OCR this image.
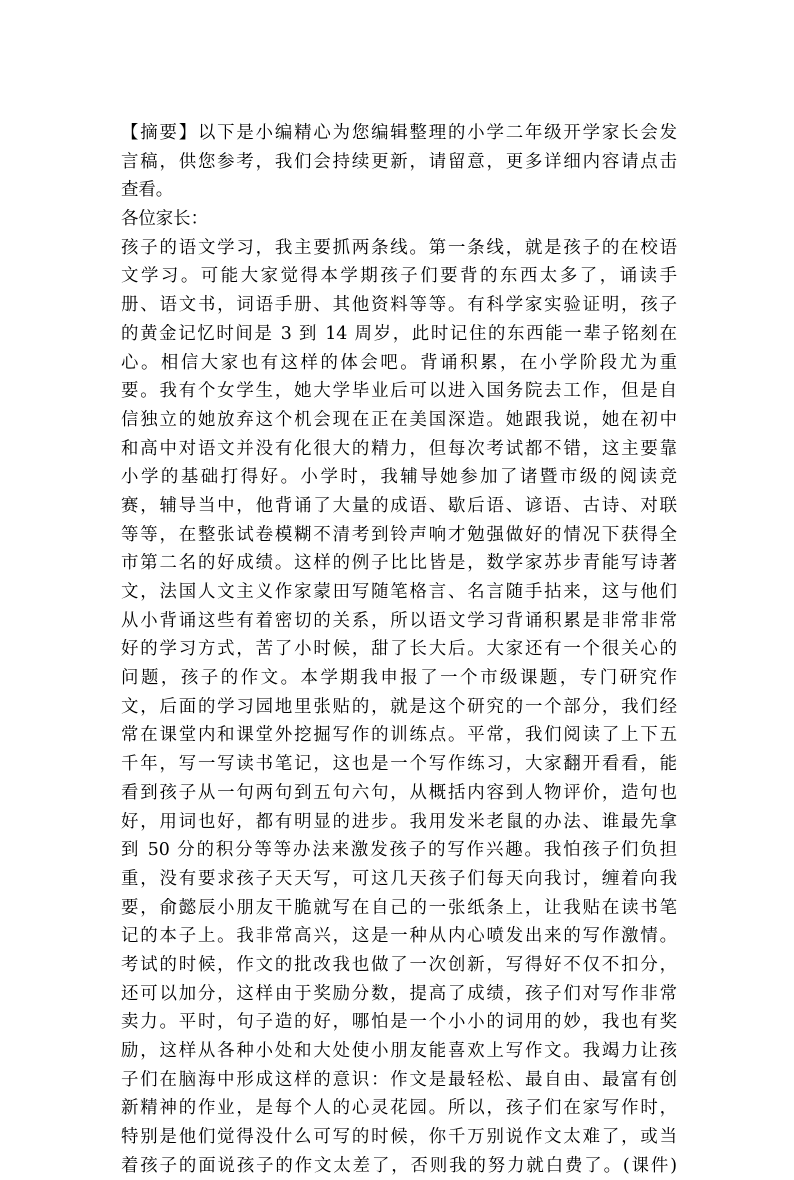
【摘要】以下是小编精心为您编辑整理的小学二年级开学家长会发
言稿，供您参考，我们会持续更新，请留意，更多详细内容请点击
查看。
各位家长：
孩子的语文学习，我主要抓两条线。第一条线，就是孩子的在校语
文学习。可能大家觉得本学期孩子们要背的东西太多了，诵读手
册、语文书，词语手册、其他资料等等。有科学家实验证明，孩子
的黄金记忆时间是 3 到 14 周岁，此时记住的东西能一辈子铭刻在
心。相信大家也有这样的体会吧。背诵积累，在小学阶段尤为重
要。我有个女学生，她大学毕业后可以进入国务院去工作，但是自
信独立的她放弃这个机会现在正在美国深造。她跟我说，她在初中
和高中对语文并没有化很大的精力，但每次考试都不错，这主要靠
小学的基础打得好。小学时，我辅导她参加了诸暨市级的阅读竞
赛，辅导当中，他背诵了大量的成语、歇后语、谚语、古诗、对联
等等，在整张试卷模糊不清考到铃声响才勉强做好的情况下获得全
市第二名的好成绩。这样的例子比比皆是，数学家苏步青能写诗著
文，法国人文主义作家蒙田写随笔格言、名言随手拈来，这与他们
从小背诵这些有着密切的关系，所以语文学习背诵积累是非常非常
好的学习方式，苦了小时候，甜了长大后。大家还有一个很关心的
问题，孩子的作文。本学期我申报了一个市级课题，专门研究作
文，后面的学习园地里张贴的，就是这个研究的一个部分，我们经
常在课堂内和课堂外挖掘写作的训练点。平常，我们阅读了上下五
千年，写一写读书笔记，这也是一个写作练习，大家翻开看看，能
看到孩子从一句两句到五句六句，从概括内容到人物评价，造句也
好，用词也好，都有明显的进步。我用发米老鼠的办法、谁最先拿
到 50 分的积分等等办法来激发孩子的写作兴趣。我怕孩子们负担
重，没有要求孩子天天写，可这几天孩子们每天向我讨，缠着向我
要，俞懿辰小朋友干脆就写在自己的一张纸条上，让我贴在读书笔
记的本子上。我非常高兴，这是一种从内心喷发出来的写作激情。
考试的时候，作文的批改我也做了一次创新，写得好不仅不扣分，
还可以加分，这样由于奖励分数，提高了成绩，孩子们对写作非常
卖力。平时，句子造的好，哪怕是一个小小的词用的妙，我也有奖
励，这样从各种小处和大处使小朋友能喜欢上写作文。我竭力让孩
子们在脑海中形成这样的意识：作文是最轻松、最自由、最富有创
新精神的作业，是每个人的心灵花园。所以，孩子们在家写作时，
特别是他们觉得没什么可写的时候，你千万别说作文太难了，或当
着孩子的面说孩子的作文太差了，否则我的努力就白费了。(课件)
